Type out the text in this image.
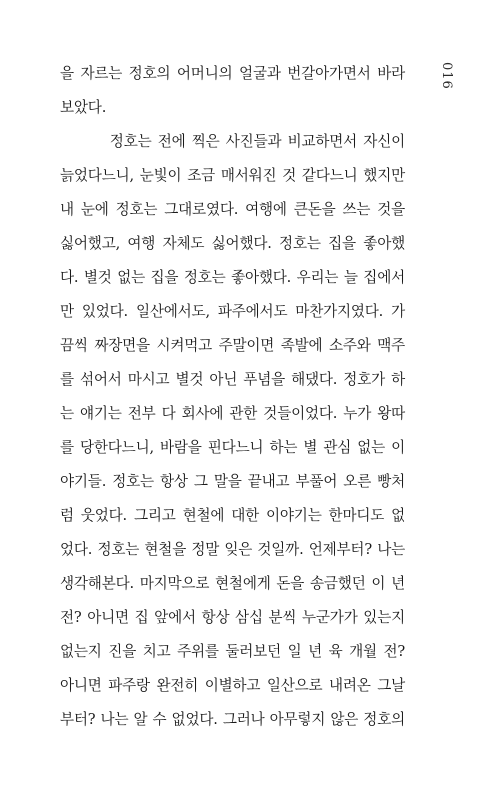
을 자르는 정호의 어머니의 얼굴과 번갈아가면서 바라
보았다.
정호는 전에 찍은 사진들과 비교하면서 자신이
늙었다느니, 눈빛이 조금 매서워진 것 같다느니 했지만
내 눈에 정호는 그대로였다. 여행에 큰돈을 쓰는 것을
싫어했고, 여행 자체도 싫어했다. 정호는 집을 좋아했
다. 별것 없는 집을 정호는 좋아했다. 우리는 늘 집에서
만 있었다. 일산에서도, 파주에서도 마찬가지였다. 가
끔씩 짜장면을 시켜먹고 주말이면 족발에 소주와 맥주
를 섞어서 마시고 별것 아닌 푸념을 해댔다. 정호가 하
는 얘기는 전부 다 회사에 관한 것들이었다. 누가 왕따
를 당한다느니, 바람을 핀다느니 하는 별 관심 없는 이
야기들. 정호는 항상 그 말을 끝내고 부풀어 오른 빵처
럼 웃었다. 그리고 현철에 대한 이야기는 한마디도 없
었다. 정호는 현철을 정말 잊은 것일까. 언제부터? 나는
생각해본다. 마지막으로 현철에게 돈을 송금했던 이 년
전? 아니면 집 앞에서 항상 삼십 분씩 누군가가 있는지
없는지 진을 치고 주위를 둘러보던 일 년 육 개월 전?
아니면 파주랑 완전히 이별하고 일산으로 내려온 그날
부터? 나는 알 수 없었다. 그러나 아무렇지 않은 정호의
016
